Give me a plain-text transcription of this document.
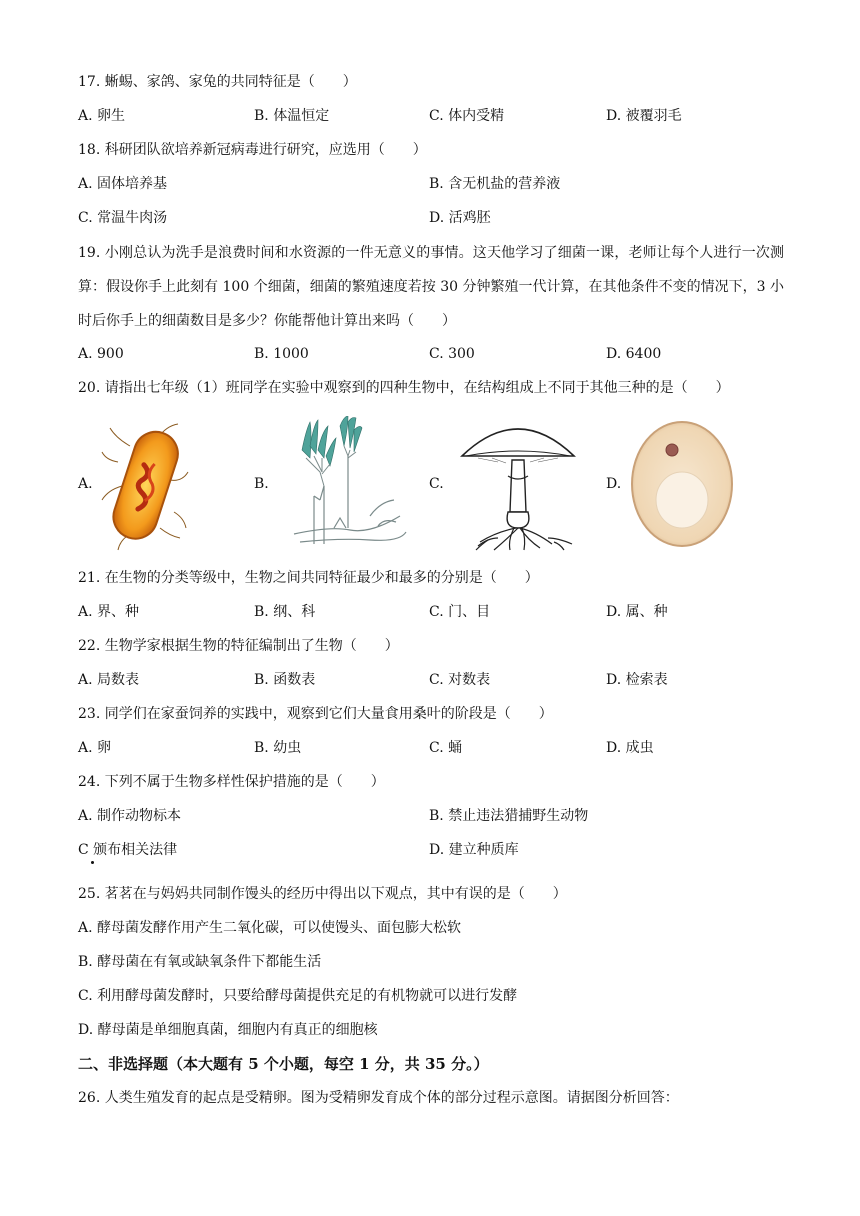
17. 蜥蜴、家鸽、家兔的共同特征是（　　）
A. 卵生	B. 体温恒定	C. 体内受精	D. 被覆羽毛
18. 科研团队欲培养新冠病毒进行研究，应选用（　　）
A. 固体培养基	B. 含无机盐的营养液
C. 常温牛肉汤	D. 活鸡胚
19. 小刚总认为洗手是浪费时间和水资源的一件无意义的事情。这天他学习了细菌一课，老师让每个人进行一次测算：假设你手上此刻有 100 个细菌，细菌的繁殖速度若按 30 分钟繁殖一代计算，在其他条件不变的情况下，3 小时后你手上的细菌数目是多少？你能帮他计算出来吗（　　）
A. 900	B. 1000	C. 300	D. 6400
20. 请指出七年级（1）班同学在实验中观察到的四种生物中，在结构组成上不同于其他三种的是（　　）
A.	B.	C.	D.
21. 在生物的分类等级中，生物之间共同特征最少和最多的分别是（　　）
A. 界、种	B. 纲、科	C. 门、目	D. 属、种
22. 生物学家根据生物的特征编制出了生物（　　）
A. 局数表	B. 函数表	C. 对数表	D. 检索表
23. 同学们在家蚕饲养的实践中，观察到它们大量食用桑叶的阶段是（　　）
A. 卵	B. 幼虫	C. 蛹	D. 成虫
24. 下列不属于生物多样性保护措施的是（　　）
A. 制作动物标本	B. 禁止违法猎捕野生动物
C 颁布相关法律	D. 建立种质库
25. 茗茗在与妈妈共同制作馒头的经历中得出以下观点，其中有误的是（　　）
A. 酵母菌发酵作用产生二氧化碳，可以使馒头、面包膨大松软
B. 酵母菌在有氧或缺氧条件下都能生活
C. 利用酵母菌发酵时，只要给酵母菌提供充足的有机物就可以进行发酵
D. 酵母菌是单细胞真菌，细胞内有真正的细胞核
二、非选择题（本大题有 5 个小题，每空 1 分，共 35 分。）
26. 人类生殖发育的起点是受精卵。图为受精卵发育成个体的部分过程示意图。请据图分析回答：
